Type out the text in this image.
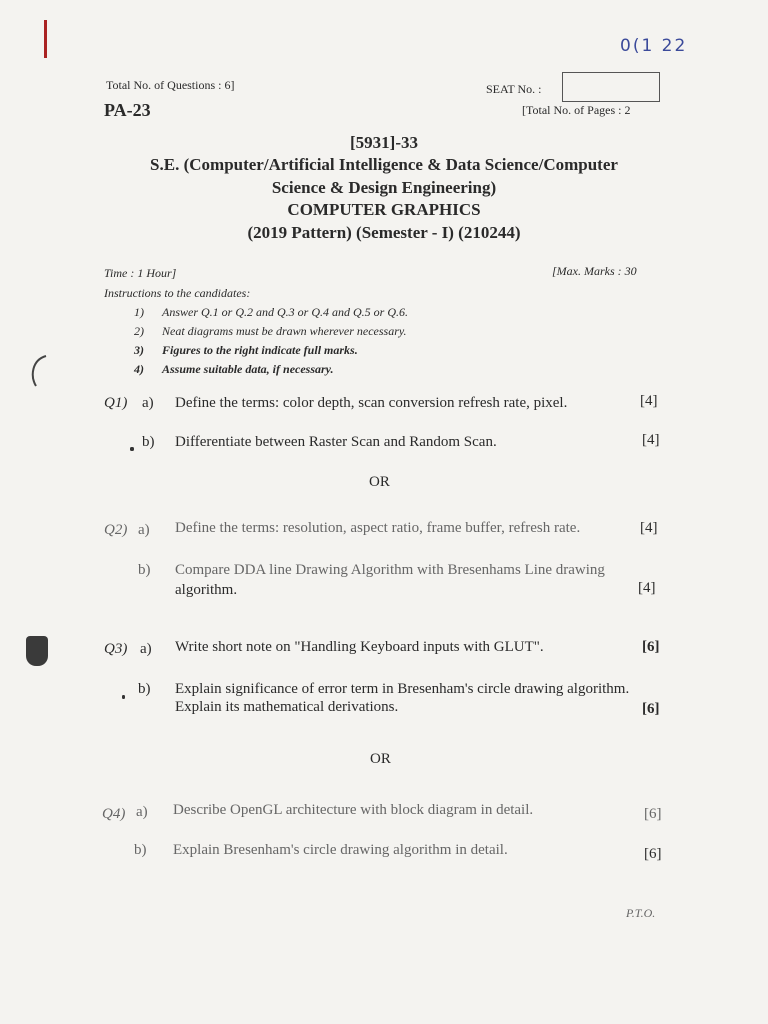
0(1 22
Total No. of Questions : 6]
PA-23
SEAT No. :
[Total No. of Pages : 2
[5931]-33
S.E. (Computer/Artificial Intelligence & Data Science/Computer
Science & Design Engineering)
COMPUTER GRAPHICS
(2019 Pattern) (Semester - I) (210244)
Time : 1 Hour]	[Max. Marks : 30
Instructions to the candidates:
1) Answer Q.1 or Q.2 and Q.3 or Q.4 and Q.5 or Q.6.
2) Neat diagrams must be drawn wherever necessary.
3) Figures to the right indicate full marks.
4) Assume suitable data, if necessary.
Q1) a) Define the terms: color depth, scan conversion refresh rate, pixel.	[4]
b) Differentiate between Raster Scan and Random Scan.	[4]
OR
Q2) a) Define the terms: resolution, aspect ratio, frame buffer, refresh rate.	[4]
b) Compare DDA line Drawing Algorithm with Bresenhams Line drawing
algorithm.	[4]
Q3) a) Write short note on "Handling Keyboard inputs with GLUT".	[6]
b) Explain significance of error term in Bresenham's circle drawing algorithm.
Explain its mathematical derivations.	[6]
OR
Q4) a) Describe OpenGL architecture with block diagram in detail.	[6]
b) Explain Bresenham's circle drawing algorithm in detail.	[6]
P.T.O.
